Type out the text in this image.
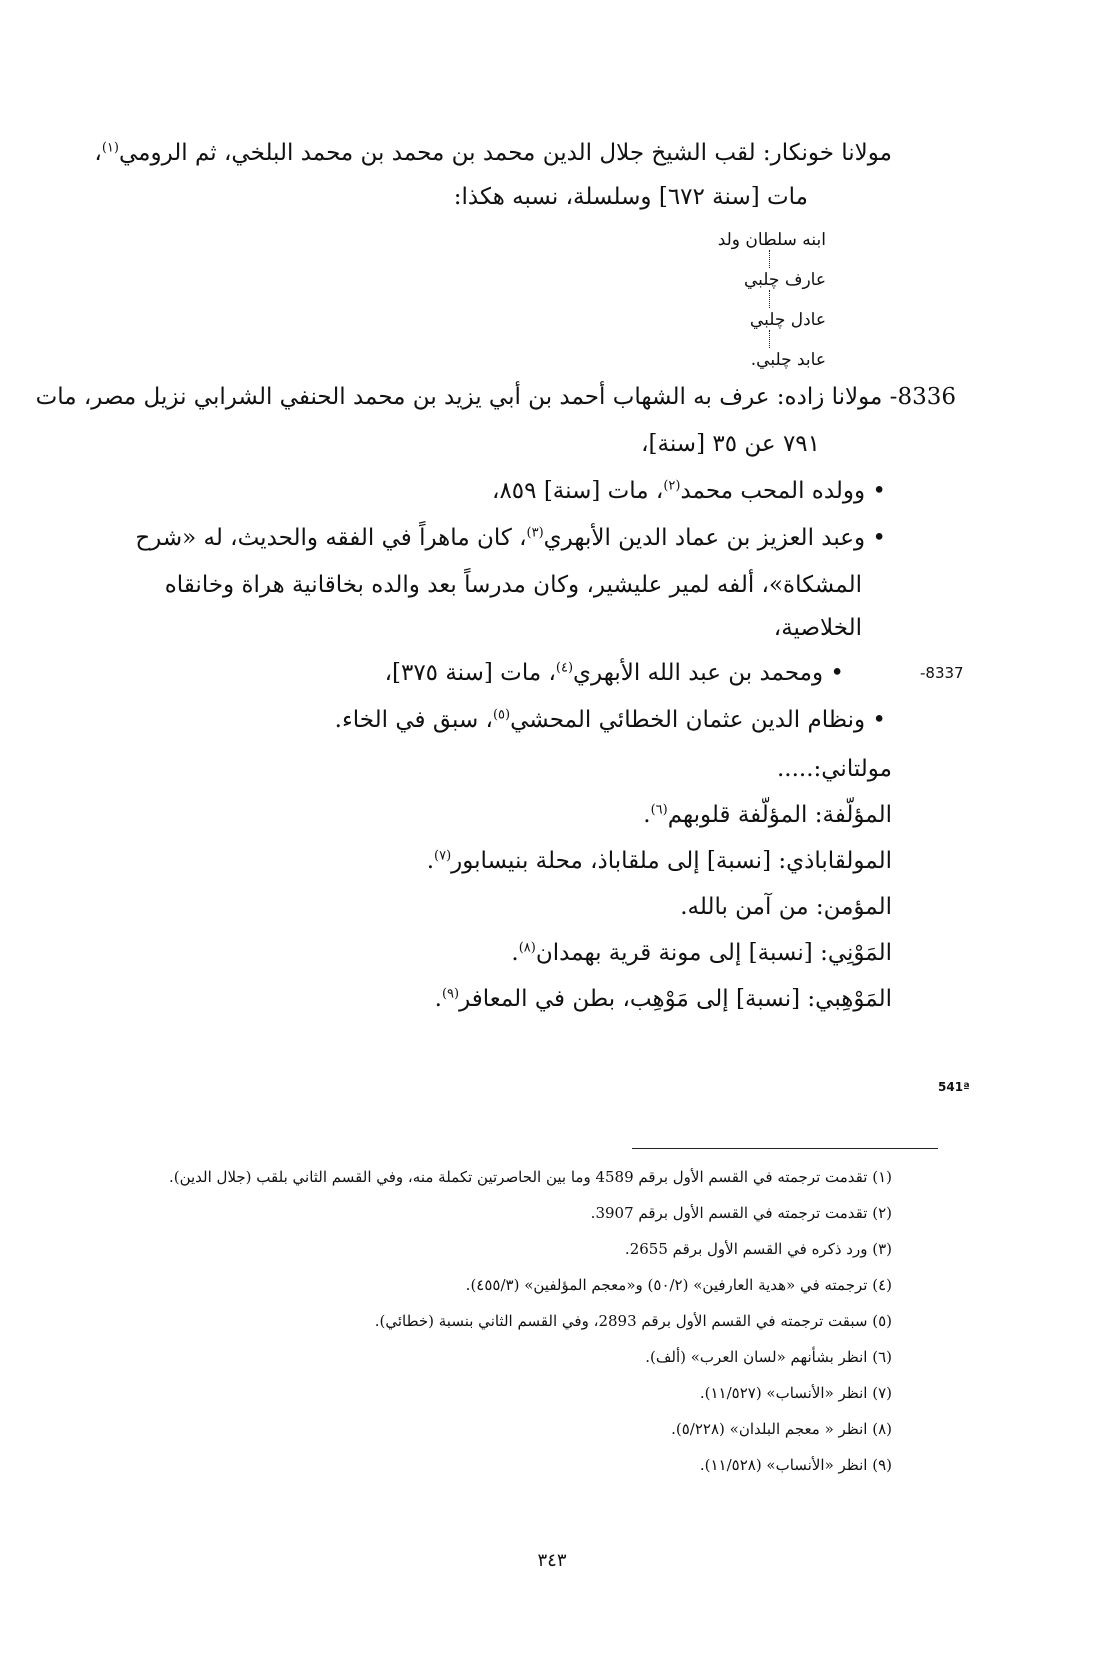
مولانا خونكار: لقب الشيخ جلال الدين محمد بن محمد بن محمد البلخي، ثم الرومي$^{(١)}$،
مات [سنة ٦٧٢] وسلسلة، نسبه هكذا:
ابنه سلطان ولد
عارف چلبي
عادل چلبي
عابد چلبي.
8336- مولانا زاده: عرف به الشهاب أحمد بن أبي يزيد بن محمد الحنفي الشرابي نزيل مصر، مات
٧٩١ عن ٣٥ [سنة]،
• وولده المحب محمد$^{(٢)}$، مات [سنة] ٨٥٩،
• وعبد العزيز بن عماد الدين الأبهري$^{(٣)}$، كان ماهراً في الفقه والحديث، له «شرح
المشكاة»، ألفه لمير عليشير، وكان مدرساً بعد والده بخاقانية هراة وخانقاه
الخلاصية،
-8337
• ومحمد بن عبد الله الأبهري$^{(٤)}$، مات [سنة ٣٧٥]،
• ونظام الدين عثمان الخطائي المحشي$^{(٥)}$، سبق في الخاء.
مولتاني:.....
المؤلّفة: المؤلّفة قلوبهم$^{(٦)}$.
المولقاباذي: [نسبة] إلى ملقاباذ، محلة بنيسابور$^{(٧)}$.
المؤمن: من آمن بالله.
المَوْنِي: [نسبة] إلى مونة قرية بهمدان$^{(٨)}$.
المَوْهِبي: [نسبة] إلى مَوْهِب، بطن في المعافر$^{(٩)}$.
541ª
(١) تقدمت ترجمته في القسم الأول برقم 4589 وما بين الحاصرتين تكملة منه، وفي القسم الثاني بلقب (جلال الدين).
(٢) تقدمت ترجمته في القسم الأول برقم 3907.
(٣) ورد ذكره في القسم الأول برقم 2655.
(٤) ترجمته في «هدية العارفين» (٥٠/٢) و«معجم المؤلفين» (٤٥٥/٣).
(٥) سبقت ترجمته في القسم الأول برقم 2893، وفي القسم الثاني بنسبة (خطائي).
(٦) انظر بشأنهم «لسان العرب» (ألف).
(٧) انظر «الأنساب» (١١/٥٢٧).
(٨) انظر « معجم البلدان» (٥/٢٢٨).
(٩) انظر «الأنساب» (١١/٥٢٨).
٣٤٣
